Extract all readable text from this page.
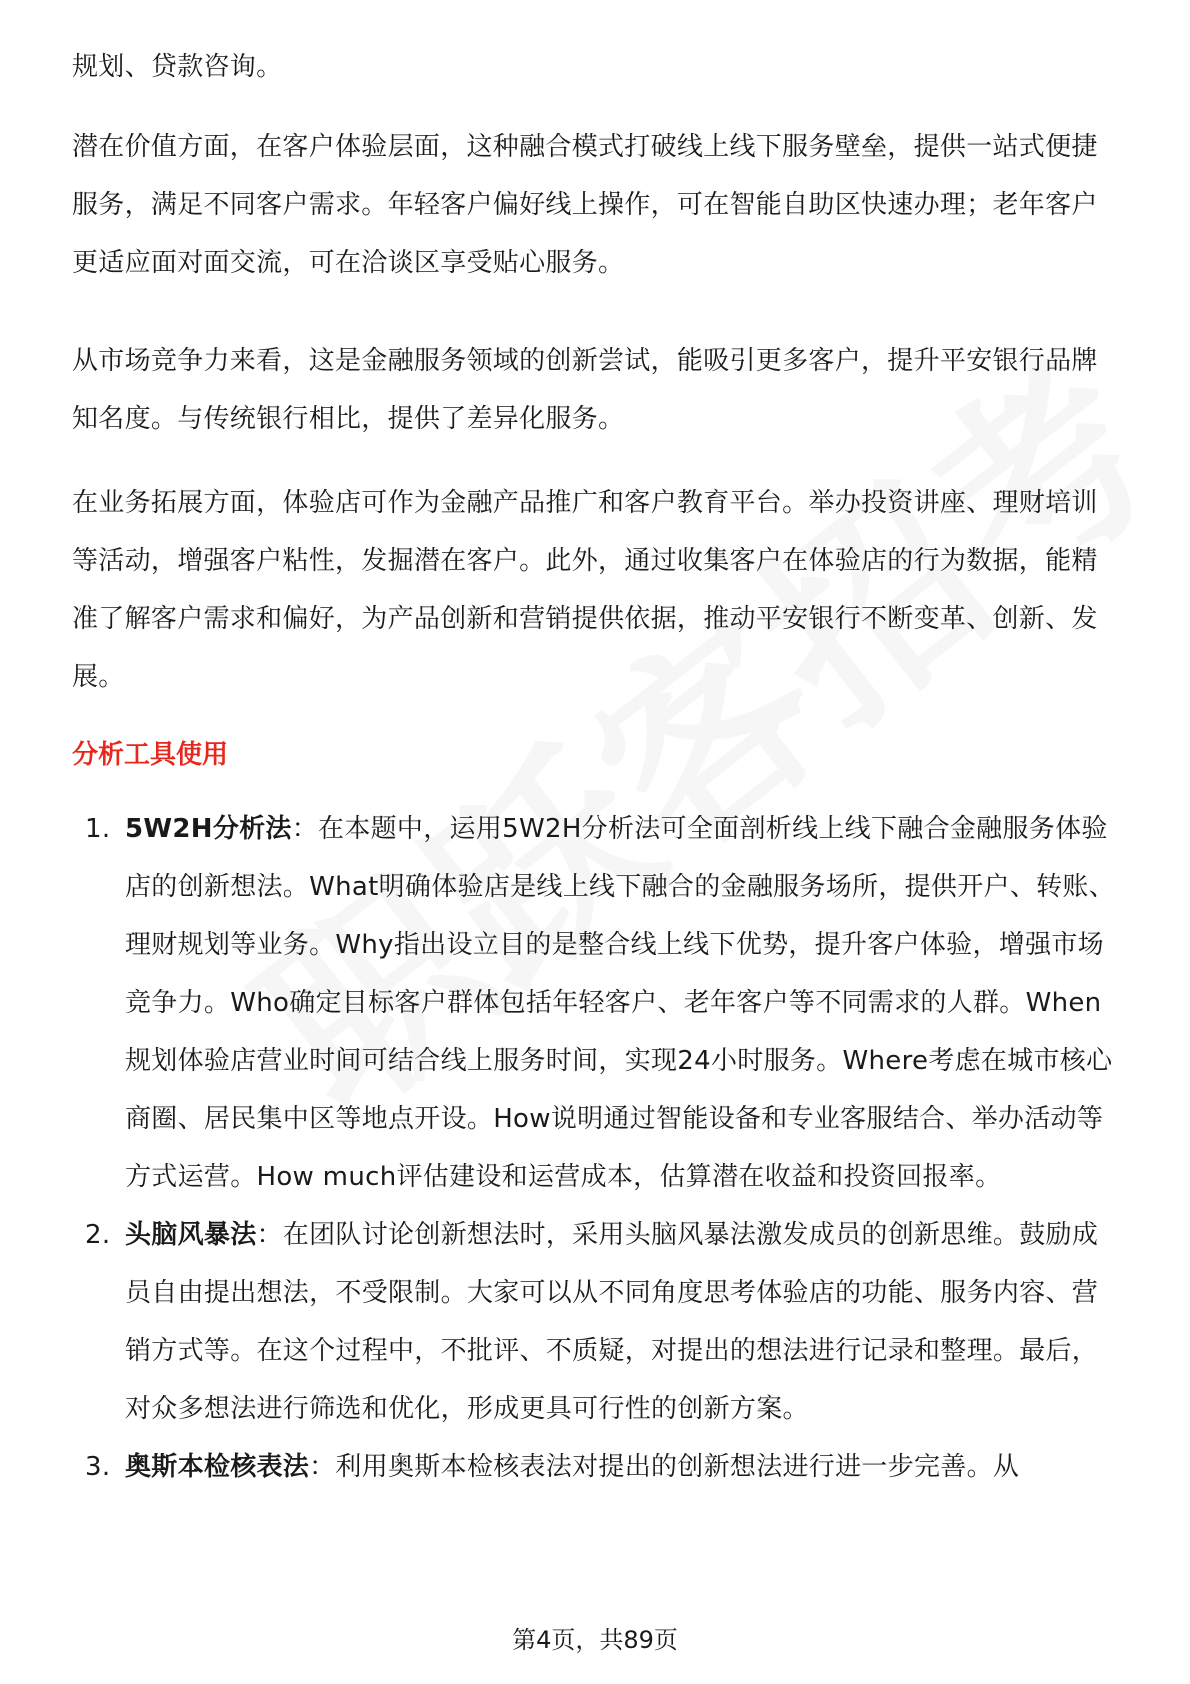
规划、贷款咨询。

潜在价值方面，在客户体验层面，这种融合模式打破线上线下服务壁垒，提供一站式便捷服务，满足不同客户需求。年轻客户偏好线上操作，可在智能自助区快速办理；老年客户更适应面对面交流，可在洽谈区享受贴心服务。

从市场竞争力来看，这是金融服务领域的创新尝试，能吸引更多客户，提升平安银行品牌知名度。与传统银行相比，提供了差异化服务。

在业务拓展方面，体验店可作为金融产品推广和客户教育平台。举办投资讲座、理财培训等活动，增强客户粘性，发掘潜在客户。此外，通过收集客户在体验店的行为数据，能精准了解客户需求和偏好，为产品创新和营销提供依据，推动平安银行不断变革、创新、发展。

分析工具使用
1. 5W2H分析法：在本题中，运用5W2H分析法可全面剖析线上线下融合金融服务体验店的创新想法。What明确体验店是线上线下融合的金融服务场所，提供开户、转账、理财规划等业务。Why指出设立目的是整合线上线下优势，提升客户体验，增强市场竞争力。Who确定目标客户群体包括年轻客户、老年客户等不同需求的人群。When规划体验店营业时间可结合线上服务时间，实现24小时服务。Where考虑在城市核心商圈、居民集中区等地点开设。How说明通过智能设备和专业客服结合、举办活动等方式运营。How much评估建设和运营成本，估算潜在收益和投资回报率。
2. 头脑风暴法：在团队讨论创新想法时，采用头脑风暴法激发成员的创新思维。鼓励成员自由提出想法，不受限制。大家可以从不同角度思考体验店的功能、服务内容、营销方式等。在这个过程中，不批评、不质疑，对提出的想法进行记录和整理。最后，对众多想法进行筛选和优化，形成更具可行性的创新方案。
3. 奥斯本检核表法：利用奥斯本检核表法对提出的创新想法进行进一步完善。从
第4页，共89页
